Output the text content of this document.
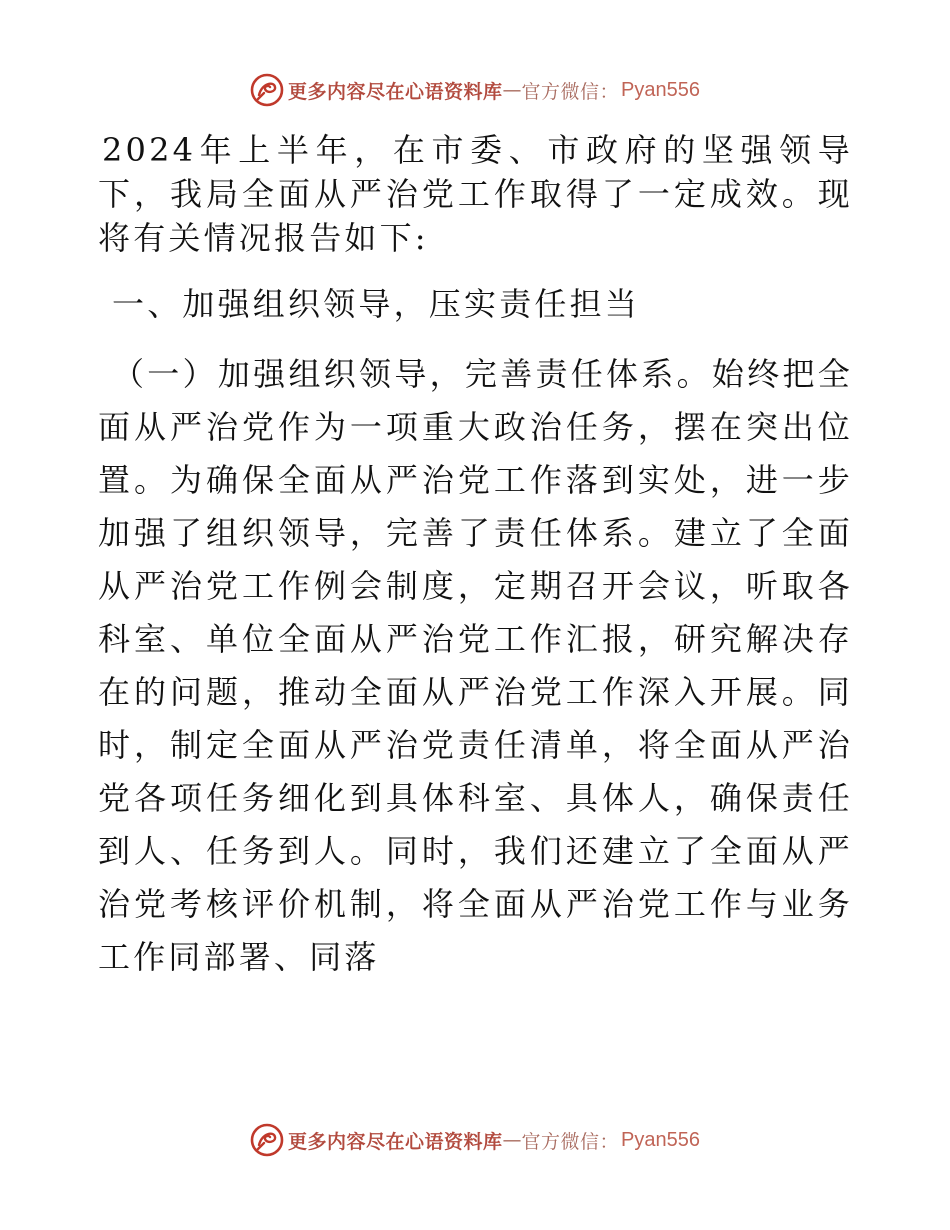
更多内容尽在心语资料库 — 官方微信： Pyan556

2024年上半年，在市委、市政府的坚强领导下，我局全面从严治党工作取得了一定成效。现将有关情况报告如下:

一、加强组织领导，压实责任担当

（一）加强组织领导，完善责任体系。始终把全面从严治党作为一项重大政治任务，摆在突出位置。为确保全面从严治党工作落到实处，进一步加强了组织领导，完善了责任体系。建立了全面从严治党工作例会制度，定期召开会议，听取各科室、单位全面从严治党工作汇报，研究解决存在的问题，推动全面从严治党工作深入开展。同时，制定全面从严治党责任清单，将全面从严治党各项任务细化到具体科室、具体人，确保责任到人、任务到人。同时，我们还建立了全面从严治党考核评价机制，将全面从严治党工作与业务工作同部署、同落

更多内容尽在心语资料库 — 官方微信： Pyan556
